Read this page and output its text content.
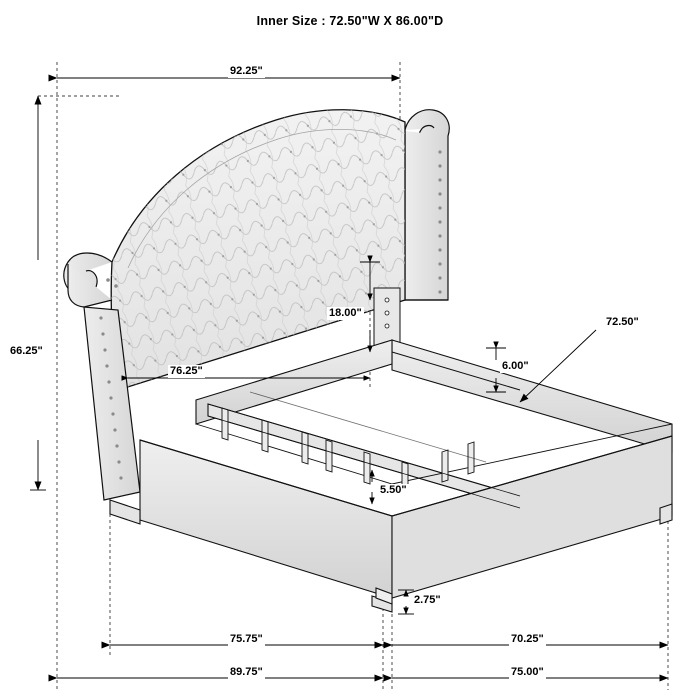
Inner Size : 72.50"W X 86.00"D
92.25"
66.25"
76.25"
18.00"
6.00"
72.50"
5.50"
2.75"
75.75"	70.25"
89.75"	75.00"
